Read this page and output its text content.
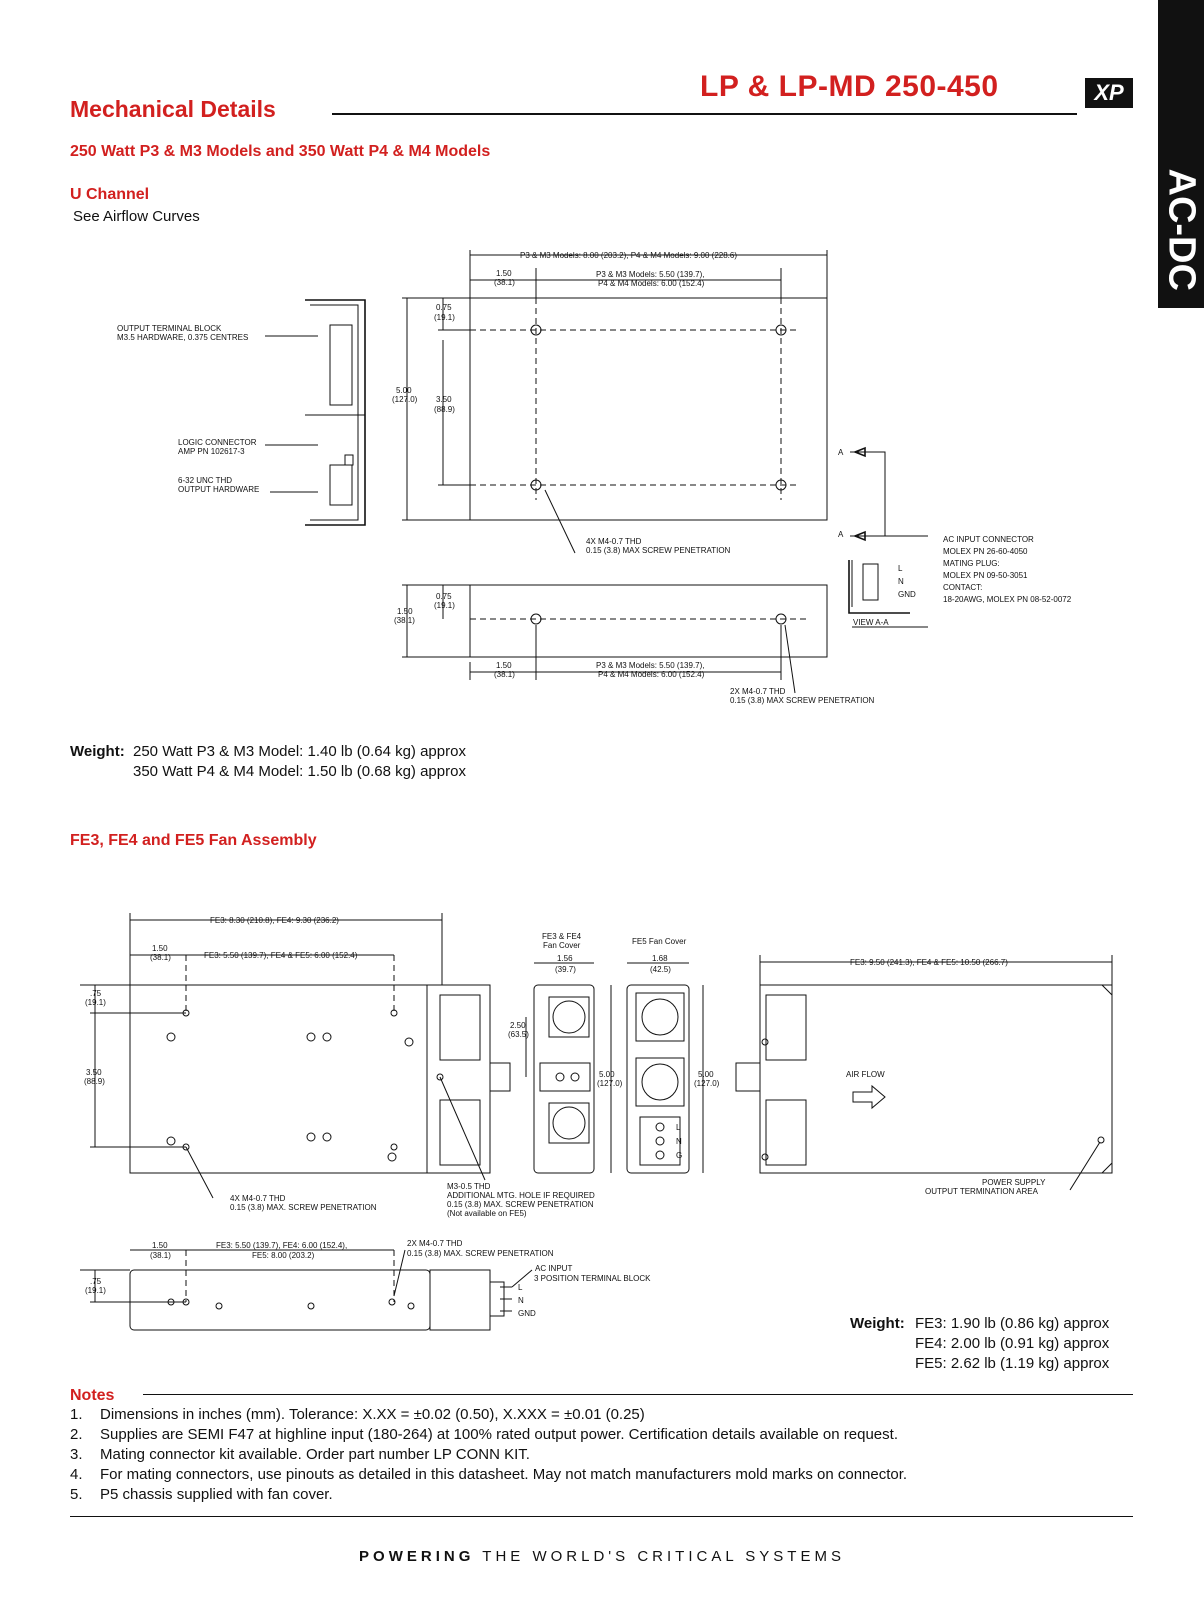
AC-DC
LP & LP-MD 250-450	XP
Mechanical Details
250 Watt P3 & M3 Models and 350 Watt P4 & M4 Models
U Channel
See Airflow Curves
OUTPUT TERMINAL BLOCK
M3.5 HARDWARE, 0.375 CENTRES
LOGIC CONNECTOR
AMP PN 102617-3
6-32 UNC THD
OUTPUT HARDWARE
P3 & M3 Models: 8.00 (203.2), P4 & M4 Models: 9.00 (228.6)
1.50
(38.1)
P3 & M3 Models: 5.50 (139.7),
P4 & M4 Models: 6.00 (152.4)
5.00
(127.0)
0.75
(19.1)
3.50
(88.9)
4X M4-0.7 THD
0.15 (3.8) MAX SCREW PENETRATION
A
A
L
N
GND
VIEW A-A
AC INPUT CONNECTOR
MOLEX PN 26-60-4050
MATING PLUG:
MOLEX PN 09-50-3051
CONTACT:
18-20AWG, MOLEX PN 08-52-0072
0.75
(19.1)
1.50
(38.1)
1.50
(38.1)
P3 & M3 Models: 5.50 (139.7),
P4 & M4 Models: 6.00 (152.4)
2X M4-0.7 THD
0.15 (3.8) MAX SCREW PENETRATION
Weight: 250 Watt P3 & M3 Model: 1.40 lb (0.64 kg) approx
350 Watt P4 & M4 Model: 1.50 lb (0.68 kg) approx
FE3, FE4 and FE5 Fan Assembly
FE3: 8.30 (210.8), FE4: 9.30 (236.2)
1.50
(38.1)	FE3: 5.50 (139.7), FE4 & FE5: 6.00 (152.4)
.75
(19.1)
3.50
(88.9)
4X M4-0.7 THD
0.15 (3.8) MAX. SCREW PENETRATION
M3-0.5 THD
ADDITIONAL MTG. HOLE IF REQUIRED
0.15 (3.8) MAX. SCREW PENETRATION
(Not available on FE5)
FE3 & FE4
Fan Cover
1.56
(39.7)
2.50
(63.5)
5.00
(127.0)
L
N
G
FE5 Fan Cover
1.68
(42.5)
5.00
(127.0)
AIR FLOW
FE3: 9.50 (241.3), FE4 & FE5: 10.50 (266.7)
POWER SUPPLY
OUTPUT TERMINATION AREA
1.50
(38.1)
FE3: 5.50 (139.7), FE4: 6.00 (152.4),
FE5: 8.00 (203.2)
.75
(19.1)
2X M4-0.7 THD
0.15 (3.8) MAX. SCREW PENETRATION
AC INPUT
3 POSITION TERMINAL BLOCK
L
N
GND
Weight: FE3: 1.90 lb (0.86 kg) approx
FE4: 2.00 lb (0.91 kg) approx
FE5: 2.62 lb (1.19 kg) approx
Notes
1. Dimensions in inches (mm). Tolerance: X.XX = ±0.02 (0.50), X.XXX = ±0.01 (0.25)
2. Supplies are SEMI F47 at highline input (180-264) at 100% rated output power. Certification details available on request.
3. Mating connector kit available. Order part number LP CONN KIT.
4. For mating connectors, use pinouts as detailed in this datasheet. May not match manufacturers mold marks on connector.
5. P5 chassis supplied with fan cover.
POWERING THE WORLD'S CRITICAL SYSTEMS
